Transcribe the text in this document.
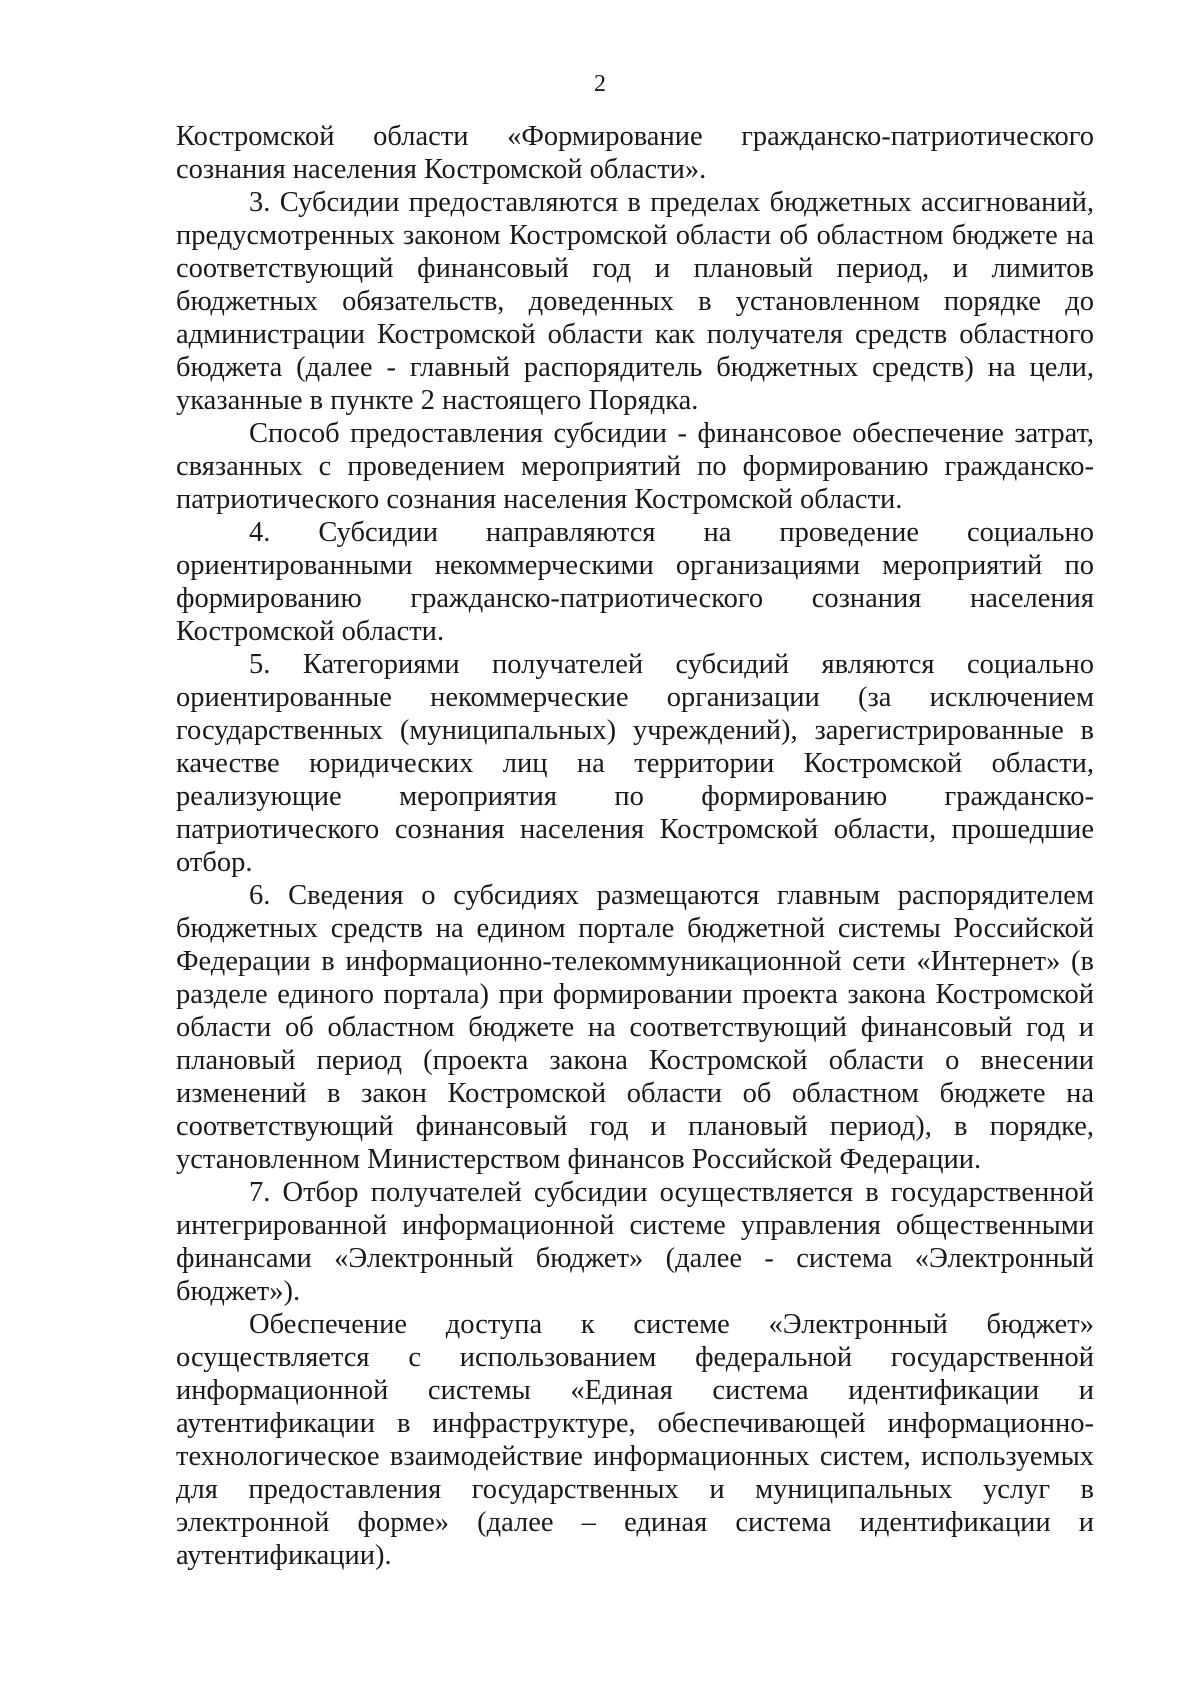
2

Костромской области «Формирование гражданско-патриотического сознания населения Костромской области».

3. Субсидии предоставляются в пределах бюджетных ассигнований, предусмотренных законом Костромской области об областном бюджете на соответствующий финансовый год и плановый период, и лимитов бюджетных обязательств, доведенных в установленном порядке до администрации Костромской области как получателя средств областного бюджета (далее - главный распорядитель бюджетных средств) на цели, указанные в пункте 2 настоящего Порядка.

Способ предоставления субсидии - финансовое обеспечение затрат, связанных с проведением мероприятий по формированию гражданско-патриотического сознания населения Костромской области.

4. Субсидии направляются на проведение социально ориентированными некоммерческими организациями мероприятий по формированию гражданско-патриотического сознания населения Костромской области.

5. Категориями получателей субсидий являются социально ориентированные некоммерческие организации (за исключением государственных (муниципальных) учреждений), зарегистрированные в качестве юридических лиц на территории Костромской области, реализующие мероприятия по формированию гражданско-патриотического сознания населения Костромской области, прошедшие отбор.

6. Сведения о субсидиях размещаются главным распорядителем бюджетных средств на едином портале бюджетной системы Российской Федерации в информационно-телекоммуникационной сети «Интернет» (в разделе единого портала) при формировании проекта закона Костромской области об областном бюджете на соответствующий финансовый год и плановый период (проекта закона Костромской области о внесении изменений в закон Костромской области об областном бюджете на соответствующий финансовый год и плановый период), в порядке, установленном Министерством финансов Российской Федерации.

7. Отбор получателей субсидии осуществляется в государственной интегрированной информационной системе управления общественными финансами «Электронный бюджет» (далее - система «Электронный бюджет»).

Обеспечение доступа к системе «Электронный бюджет» осуществляется с использованием федеральной государственной информационной системы «Единая система идентификации и аутентификации в инфраструктуре, обеспечивающей информационно-технологическое взаимодействие информационных систем, используемых для предоставления государственных и муниципальных услуг в электронной форме» (далее – единая система идентификации и аутентификации).
